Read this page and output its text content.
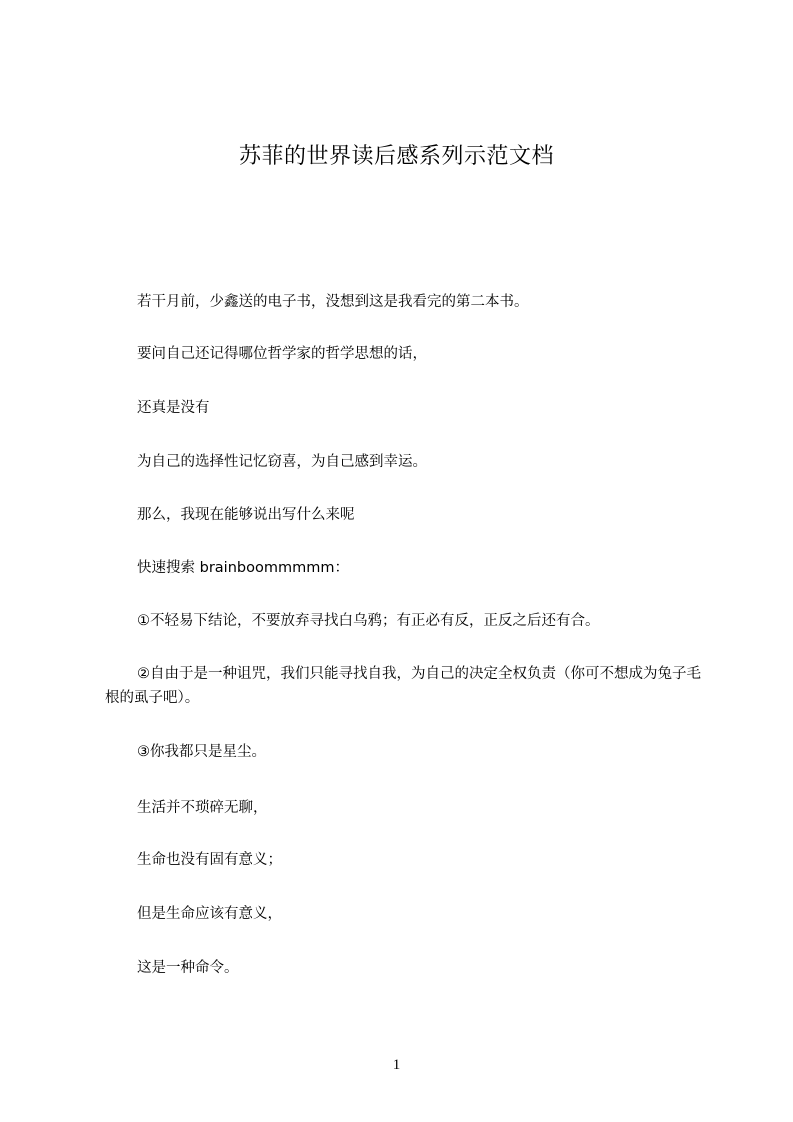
苏菲的世界读后感系列示范文档

若干月前，少鑫送的电子书，没想到这是我看完的第二本书。

要问自己还记得哪位哲学家的哲学思想的话，

还真是没有

为自己的选择性记忆窃喜，为自己感到幸运。

那么，我现在能够说出写什么来呢

快速搜索 brainboommmmm：

①不轻易下结论，不要放弃寻找白乌鸦；有正必有反，正反之后还有合。

②自由于是一种诅咒，我们只能寻找自我，为自己的决定全权负责（你可不想成为兔子毛根的虱子吧）。

③你我都只是星尘。

生活并不琐碎无聊，

生命也没有固有意义；

但是生命应该有意义，

这是一种命令。

1
